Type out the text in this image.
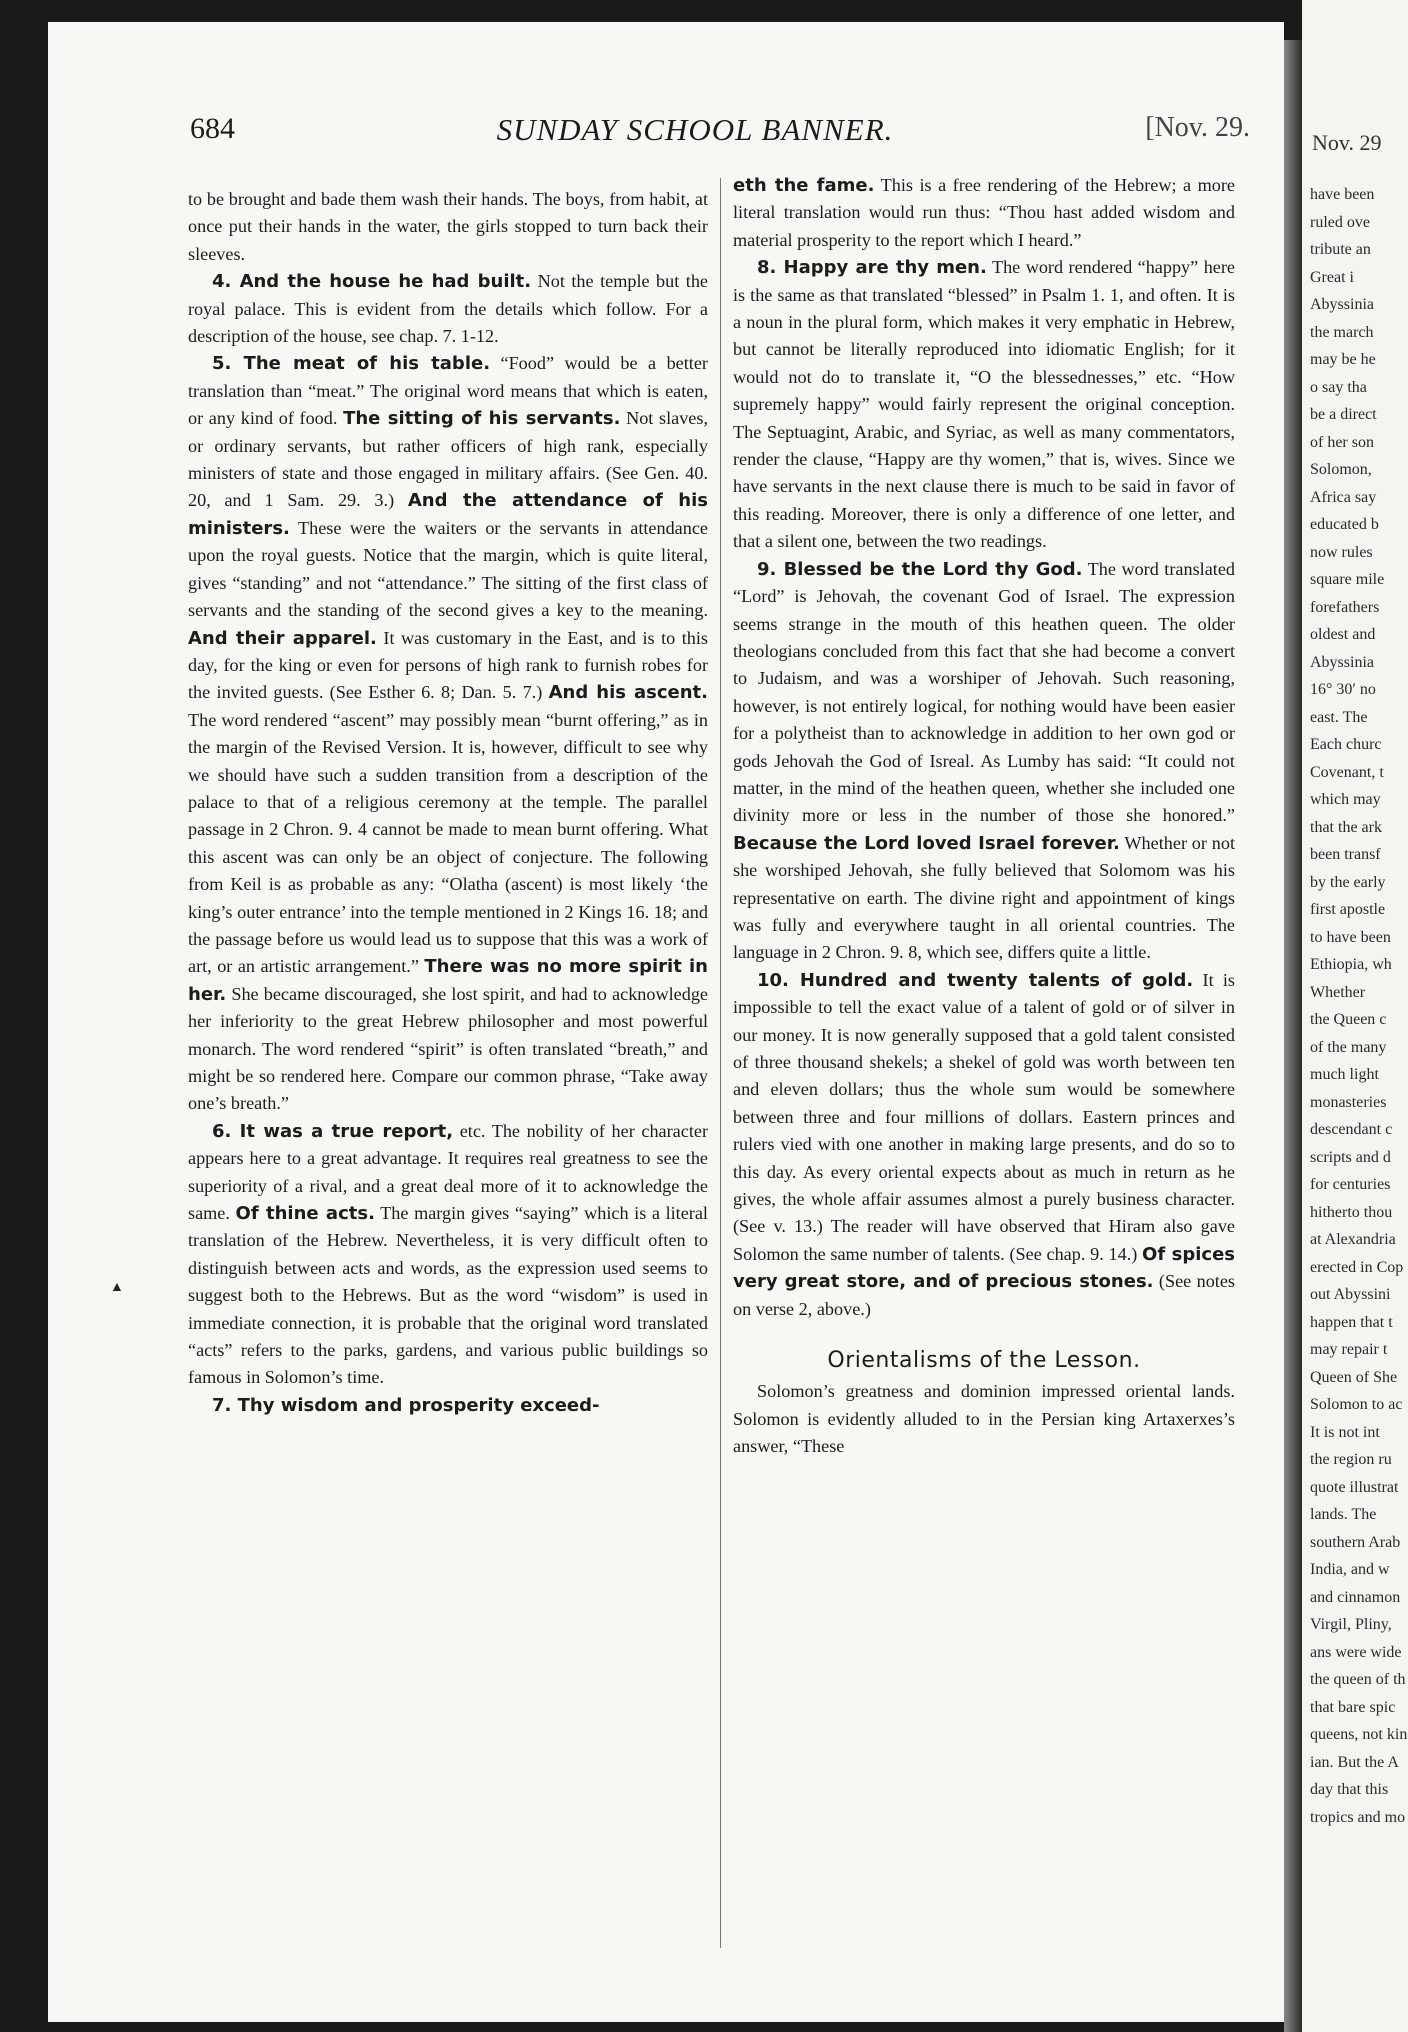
684	SUNDAY SCHOOL BANNER.	[Nov. 29.
▲

to be brought and bade them wash their hands. The boys, from habit, at once put their hands in the water, the girls stopped to turn back their sleeves.

4. And the house he had built. Not the temple but the royal palace. This is evident from the details which follow. For a description of the house, see chap. 7. 1-12.

5. The meat of his table. “Food” would be a better translation than “meat.” The original word means that which is eaten, or any kind of food. The sitting of his servants. Not slaves, or ordinary servants, but rather officers of high rank, especially ministers of state and those engaged in military affairs. (See Gen. 40. 20, and 1 Sam. 29. 3.) And the attendance of his ministers. These were the waiters or the servants in attendance upon the royal guests. Notice that the margin, which is quite literal, gives “standing” and not “attendance.” The sitting of the first class of servants and the standing of the second gives a key to the meaning. And their apparel. It was customary in the East, and is to this day, for the king or even for persons of high rank to furnish robes for the invited guests. (See Esther 6. 8; Dan. 5. 7.) And his ascent. The word rendered “ascent” may possibly mean “burnt offering,” as in the margin of the Revised Version. It is, however, difficult to see why we should have such a sudden transition from a description of the palace to that of a religious ceremony at the temple. The parallel passage in 2 Chron. 9. 4 cannot be made to mean burnt offering. What this ascent was can only be an object of conjecture. The following from Keil is as probable as any: “Olatha (ascent) is most likely ‘the king’s outer entrance’ into the temple mentioned in 2 Kings 16. 18; and the passage before us would lead us to suppose that this was a work of art, or an artistic arrangement.” There was no more spirit in her. She became discouraged, she lost spirit, and had to acknowledge her inferiority to the great Hebrew philosopher and most powerful monarch. The word rendered “spirit” is often translated “breath,” and might be so rendered here. Compare our common phrase, “Take away one’s breath.”

6. It was a true report, etc. The nobility of her character appears here to a great advantage. It requires real greatness to see the superiority of a rival, and a great deal more of it to acknowledge the same. Of thine acts. The margin gives “saying” which is a literal translation of the Hebrew. Nevertheless, it is very difficult often to distinguish between acts and words, as the expression used seems to suggest both to the Hebrews. But as the word “wisdom” is used in immediate connection, it is probable that the original word translated “acts” refers to the parks, gardens, and various public buildings so famous in Solomon’s time.

7. Thy wisdom and prosperity exceed-

eth the fame. This is a free rendering of the Hebrew; a more literal translation would run thus: “Thou hast added wisdom and material prosperity to the report which I heard.”

8. Happy are thy men. The word rendered “happy” here is the same as that translated “blessed” in Psalm 1. 1, and often. It is a noun in the plural form, which makes it very emphatic in Hebrew, but cannot be literally reproduced into idiomatic English; for it would not do to translate it, “O the blessednesses,” etc. “How supremely happy” would fairly represent the original conception. The Septuagint, Arabic, and Syriac, as well as many commentators, render the clause, “Happy are thy women,” that is, wives. Since we have servants in the next clause there is much to be said in favor of this reading. Moreover, there is only a difference of one letter, and that a silent one, between the two readings.

9. Blessed be the Lord thy God. The word translated “Lord” is Jehovah, the covenant God of Israel. The expression seems strange in the mouth of this heathen queen. The older theologians concluded from this fact that she had become a convert to Judaism, and was a worshiper of Jehovah. Such reasoning, however, is not entirely logical, for nothing would have been easier for a polytheist than to acknowledge in addition to her own god or gods Jehovah the God of Isreal. As Lumby has said: “It could not matter, in the mind of the heathen queen, whether she included one divinity more or less in the number of those she honored.” Because the Lord loved Israel forever. Whether or not she worshiped Jehovah, she fully believed that Solomom was his representative on earth. The divine right and appointment of kings was fully and everywhere taught in all oriental countries. The language in 2 Chron. 9. 8, which see, differs quite a little.

10. Hundred and twenty talents of gold. It is impossible to tell the exact value of a talent of gold or of silver in our money. It is now generally supposed that a gold talent consisted of three thousand shekels; a shekel of gold was worth between ten and eleven dollars; thus the whole sum would be somewhere between three and four millions of dollars. Eastern princes and rulers vied with one another in making large presents, and do so to this day. As every oriental expects about as much in return as he gives, the whole affair assumes almost a purely business character. (See v. 13.) The reader will have observed that Hiram also gave Solomon the same number of talents. (See chap. 9. 14.) Of spices very great store, and of precious stones. (See notes on verse 2, above.)

Orientalisms of the Lesson.

Solomon’s greatness and dominion impressed oriental lands. Solomon is evidently alluded to in the Persian king Artaxerxes’s answer, “These

Nov. 29
have been
ruled ove
tribute an
Great i
Abyssinia
the march
may be he
o say tha
be a direct
of her son
Solomon,
Africa say
educated b
now rules
square mile
forefathers
oldest and
Abyssinia
16° 30′ no
east. The
Each churc
Covenant, t
which may
that the ark
been transf
by the early
first apostle
to have been
Ethiopia, wh
Whether
the Queen c
of the many
much light
monasteries
descendant c
scripts and d
for centuries
hitherto thou
at Alexandria
erected in Cop
out Abyssini
happen that t
may repair t
Queen of She
Solomon to ac
It is not int
the region ru
quote illustrat
lands. The
southern Arab
India, and w
and cinnamon
Virgil, Pliny,
ans were wide
the queen of th
that bare spic
queens, not kin
ian. But the A
day that this
tropics and mo
